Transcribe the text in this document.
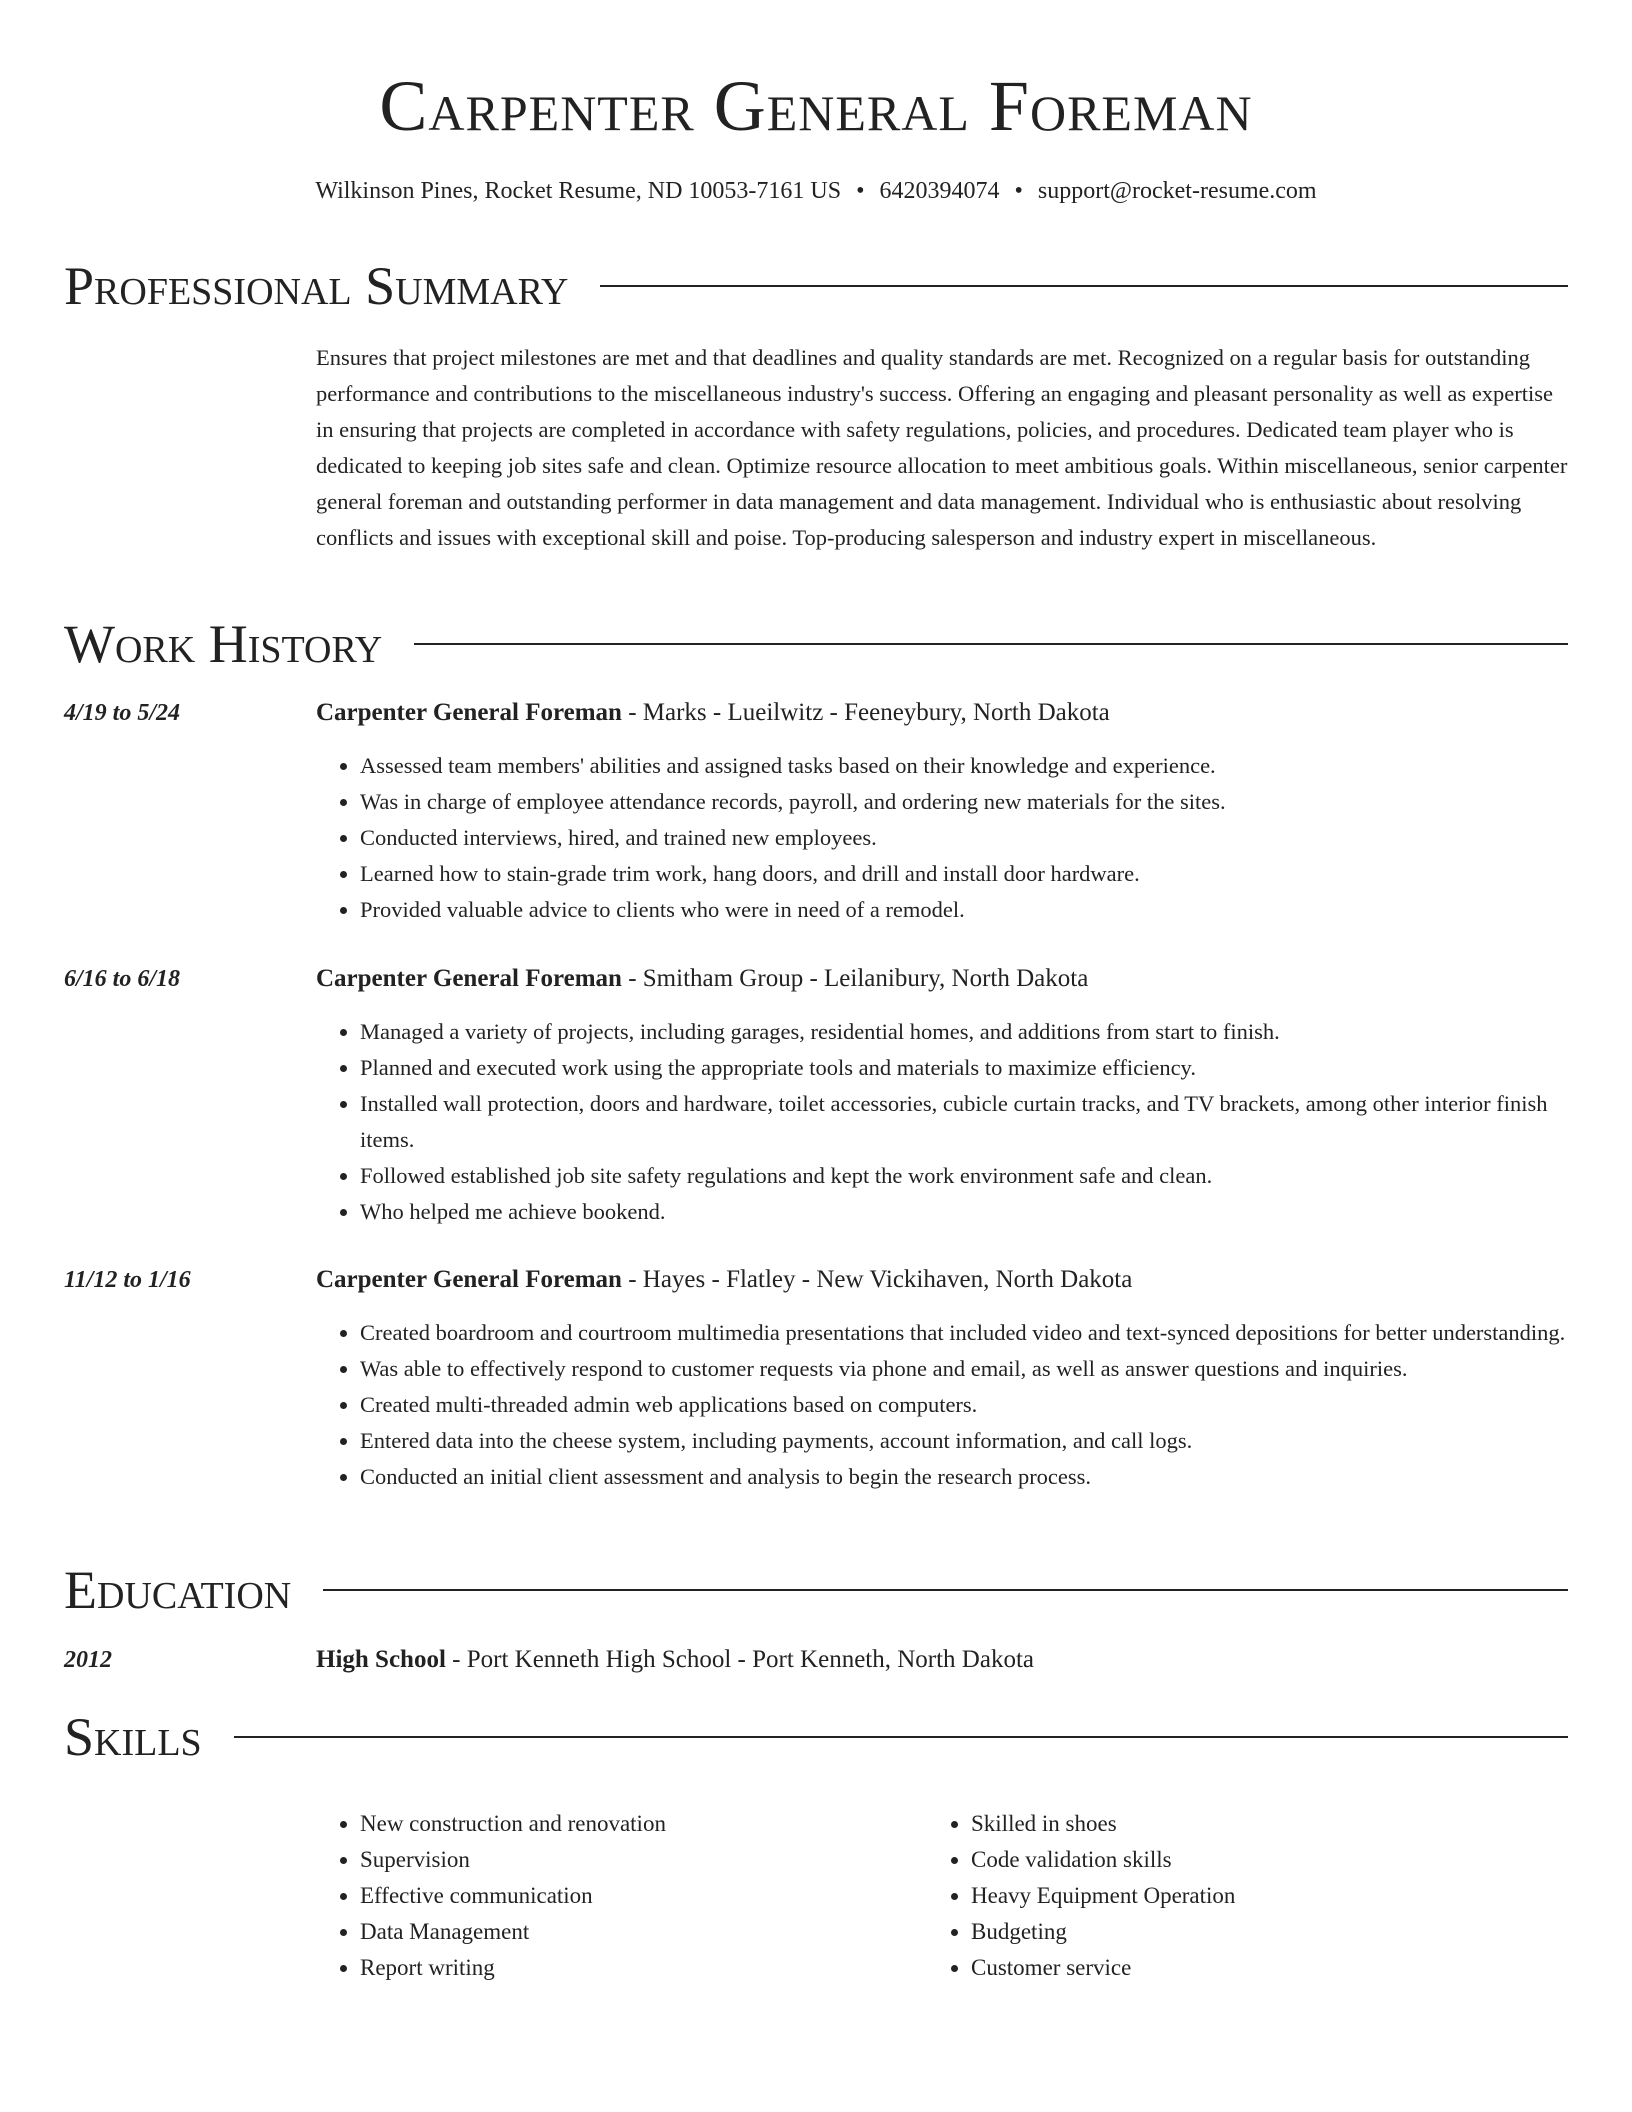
Carpenter General Foreman
Wilkinson Pines, Rocket Resume, ND 10053-7161 US • 6420394074 • support@rocket-resume.com
Professional Summary

Ensures that project milestones are met and that deadlines and quality standards are met. Recognized on a regular basis for outstanding performance and contributions to the miscellaneous industry's success. Offering an engaging and pleasant personality as well as expertise in ensuring that projects are completed in accordance with safety regulations, policies, and procedures. Dedicated team player who is dedicated to keeping job sites safe and clean. Optimize resource allocation to meet ambitious goals. Within miscellaneous, senior carpenter general foreman and outstanding performer in data management and data management. Individual who is enthusiastic about resolving conflicts and issues with exceptional skill and poise. Top-producing salesperson and industry expert in miscellaneous.

Work History
4/19 to 5/24	Carpenter General Foreman - Marks - Lueilwitz - Feeneybury, North Dakota
• Assessed team members' abilities and assigned tasks based on their knowledge and experience.
• Was in charge of employee attendance records, payroll, and ordering new materials for the sites.
• Conducted interviews, hired, and trained new employees.
• Learned how to stain-grade trim work, hang doors, and drill and install door hardware.
• Provided valuable advice to clients who were in need of a remodel.
6/16 to 6/18	Carpenter General Foreman - Smitham Group - Leilanibury, North Dakota
• Managed a variety of projects, including garages, residential homes, and additions from start to finish.
• Planned and executed work using the appropriate tools and materials to maximize efficiency.
• Installed wall protection, doors and hardware, toilet accessories, cubicle curtain tracks, and TV brackets, among other interior finish items.
• Followed established job site safety regulations and kept the work environment safe and clean.
• Who helped me achieve bookend.
11/12 to 1/16	Carpenter General Foreman - Hayes - Flatley - New Vickihaven, North Dakota
• Created boardroom and courtroom multimedia presentations that included video and text-synced depositions for better understanding.
• Was able to effectively respond to customer requests via phone and email, as well as answer questions and inquiries.
• Created multi-threaded admin web applications based on computers.
• Entered data into the cheese system, including payments, account information, and call logs.
• Conducted an initial client assessment and analysis to begin the research process.
Education
2012	High School - Port Kenneth High School - Port Kenneth, North Dakota
Skills
• New construction and renovation
• Supervision
• Effective communication
• Data Management
• Report writing
• Skilled in shoes
• Code validation skills
• Heavy Equipment Operation
• Budgeting
• Customer service
